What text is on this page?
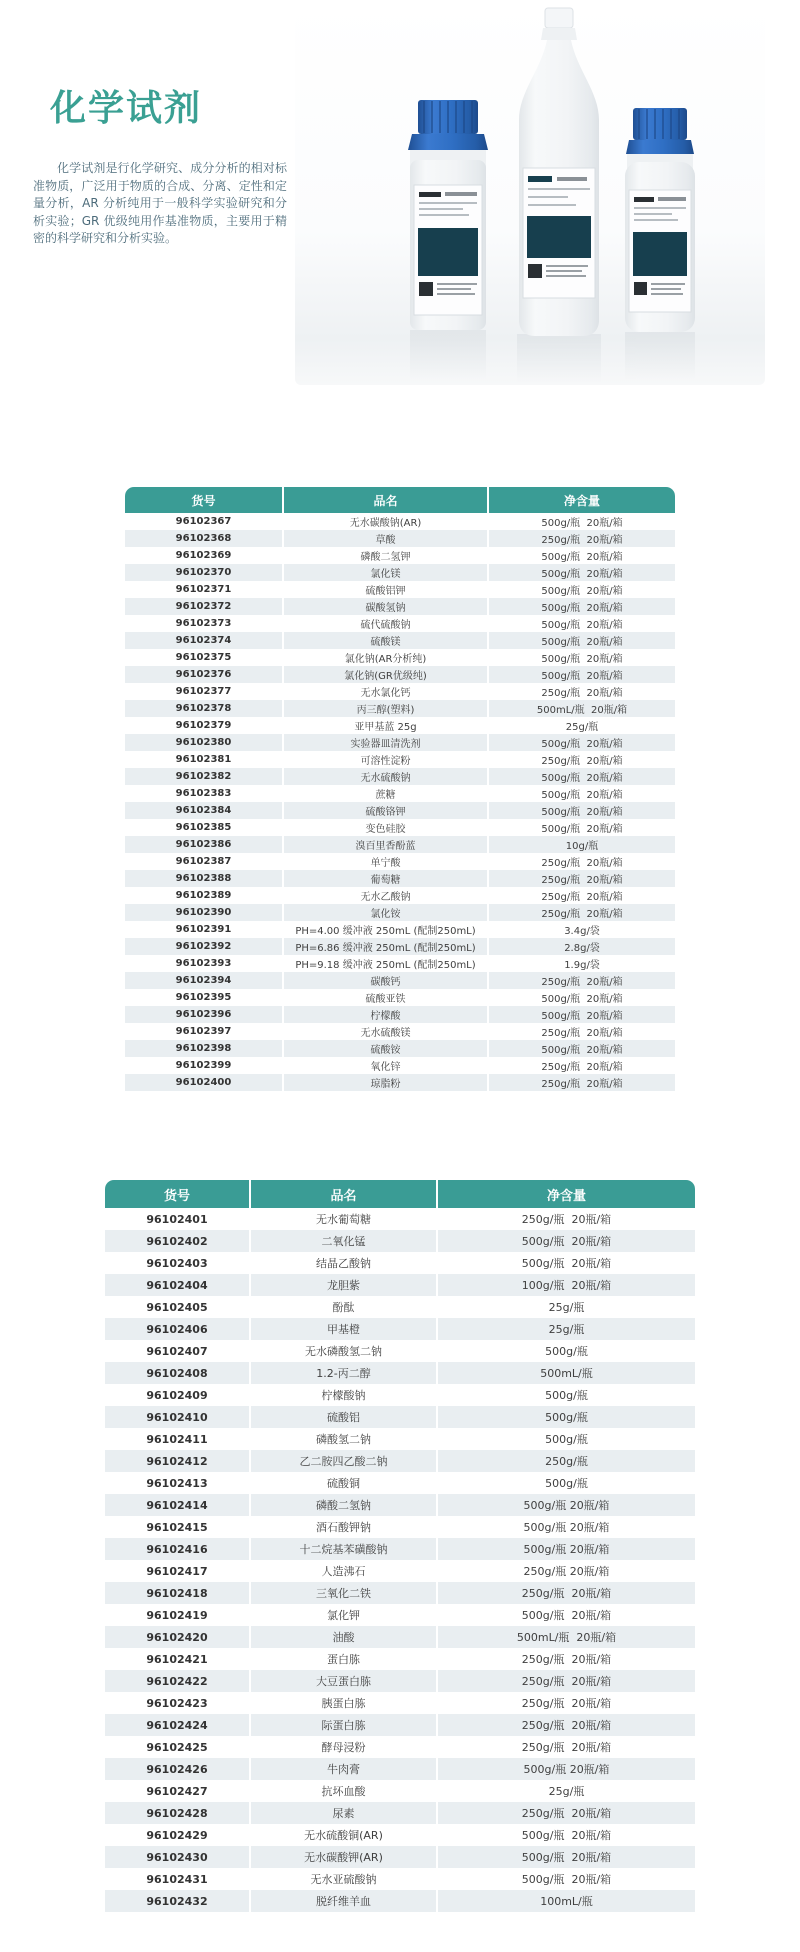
化学试剂

化学试剂是行化学研究、成分分析的相对标准物质，广泛用于物质的合成、分离、定性和定量分析，AR 分析纯用于一般科学实验研究和分析实验；GR 优级纯用作基准物质，主要用于精密的科学研究和分析实验。

货号	品名	净含量
96102367	无水碳酸钠(AR)	500g/瓶  20瓶/箱
96102368	草酸	250g/瓶  20瓶/箱
96102369	磷酸二氢钾	500g/瓶  20瓶/箱
96102370	氯化镁	500g/瓶  20瓶/箱
96102371	硫酸铝钾	500g/瓶  20瓶/箱
96102372	碳酸氢钠	500g/瓶  20瓶/箱
96102373	硫代硫酸钠	500g/瓶  20瓶/箱
96102374	硫酸镁	500g/瓶  20瓶/箱
96102375	氯化钠(AR分析纯)	500g/瓶  20瓶/箱
96102376	氯化钠(GR优级纯)	500g/瓶  20瓶/箱
96102377	无水氯化钙	250g/瓶  20瓶/箱
96102378	丙三醇(塑料)	500mL/瓶  20瓶/箱
96102379	亚甲基蓝 25g	25g/瓶
96102380	实验器皿清洗剂	500g/瓶  20瓶/箱
96102381	可溶性淀粉	250g/瓶  20瓶/箱
96102382	无水硫酸钠	500g/瓶  20瓶/箱
96102383	蔗糖	500g/瓶  20瓶/箱
96102384	硫酸铬钾	500g/瓶  20瓶/箱
96102385	变色硅胶	500g/瓶  20瓶/箱
96102386	溴百里香酚蓝	10g/瓶
96102387	单宁酸	250g/瓶  20瓶/箱
96102388	葡萄糖	250g/瓶  20瓶/箱
96102389	无水乙酸钠	250g/瓶  20瓶/箱
96102390	氯化铵	250g/瓶  20瓶/箱
96102391	PH=4.00 缓冲液 250mL (配制250mL)	3.4g/袋
96102392	PH=6.86 缓冲液 250mL (配制250mL)	2.8g/袋
96102393	PH=9.18 缓冲液 250mL (配制250mL)	1.9g/袋
96102394	碳酸钙	250g/瓶  20瓶/箱
96102395	硫酸亚铁	500g/瓶  20瓶/箱
96102396	柠檬酸	500g/瓶  20瓶/箱
96102397	无水硫酸镁	250g/瓶  20瓶/箱
96102398	硫酸铵	500g/瓶  20瓶/箱
96102399	氧化锌	250g/瓶  20瓶/箱
96102400	琼脂粉	250g/瓶  20瓶/箱
货号	品名	净含量
96102401	无水葡萄糖	250g/瓶  20瓶/箱
96102402	二氧化锰	500g/瓶  20瓶/箱
96102403	结晶乙酸钠	500g/瓶  20瓶/箱
96102404	龙胆紫	100g/瓶  20瓶/箱
96102405	酚酞	25g/瓶
96102406	甲基橙	25g/瓶
96102407	无水磷酸氢二钠	500g/瓶
96102408	1.2-丙二醇	500mL/瓶
96102409	柠檬酸钠	500g/瓶
96102410	硫酸铝	500g/瓶
96102411	磷酸氢二钠	500g/瓶
96102412	乙二胺四乙酸二钠	250g/瓶
96102413	硫酸铜	500g/瓶
96102414	磷酸二氢钠	500g/瓶 20瓶/箱
96102415	酒石酸钾钠	500g/瓶 20瓶/箱
96102416	十二烷基苯磺酸钠	500g/瓶 20瓶/箱
96102417	人造沸石	250g/瓶 20瓶/箱
96102418	三氧化二铁	250g/瓶  20瓶/箱
96102419	氯化钾	500g/瓶  20瓶/箱
96102420	油酸	500mL/瓶  20瓶/箱
96102421	蛋白胨	250g/瓶  20瓶/箱
96102422	大豆蛋白胨	250g/瓶  20瓶/箱
96102423	胰蛋白胨	250g/瓶  20瓶/箱
96102424	际蛋白胨	250g/瓶  20瓶/箱
96102425	酵母浸粉	250g/瓶  20瓶/箱
96102426	牛肉膏	500g/瓶 20瓶/箱
96102427	抗坏血酸	25g/瓶
96102428	尿素	250g/瓶  20瓶/箱
96102429	无水硫酸铜(AR)	500g/瓶  20瓶/箱
96102430	无水碳酸钾(AR)	500g/瓶  20瓶/箱
96102431	无水亚硫酸钠	500g/瓶  20瓶/箱
96102432	脱纤维羊血	100mL/瓶
